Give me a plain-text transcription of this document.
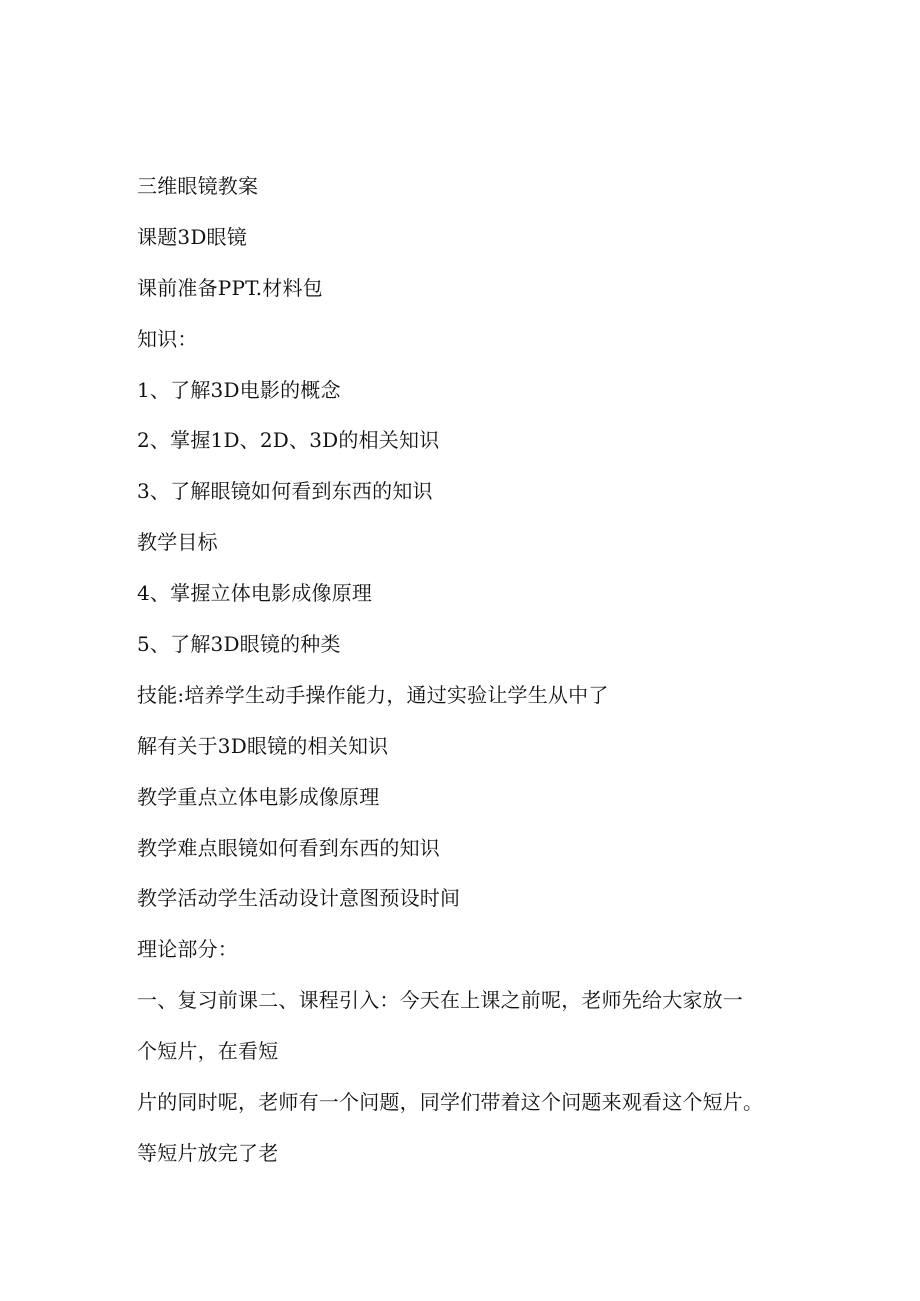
三维眼镜教案
课题3D眼镜
课前准备PPT.材料包
知识：
1、了解3D电影的概念
2、掌握1D、2D、3D的相关知识
3、了解眼镜如何看到东西的知识
教学目标
4、掌握立体电影成像原理
5、了解3D眼镜的种类
技能:培养学生动手操作能力，通过实验让学生从中了
解有关于3D眼镜的相关知识
教学重点立体电影成像原理
教学难点眼镜如何看到东西的知识
教学活动学生活动设计意图预设时间
理论部分：
一、复习前课二、课程引入：今天在上课之前呢，老师先给大家放一
个短片，在看短
片的同时呢，老师有一个问题，同学们带着这个问题来观看这个短片。
等短片放完了老
